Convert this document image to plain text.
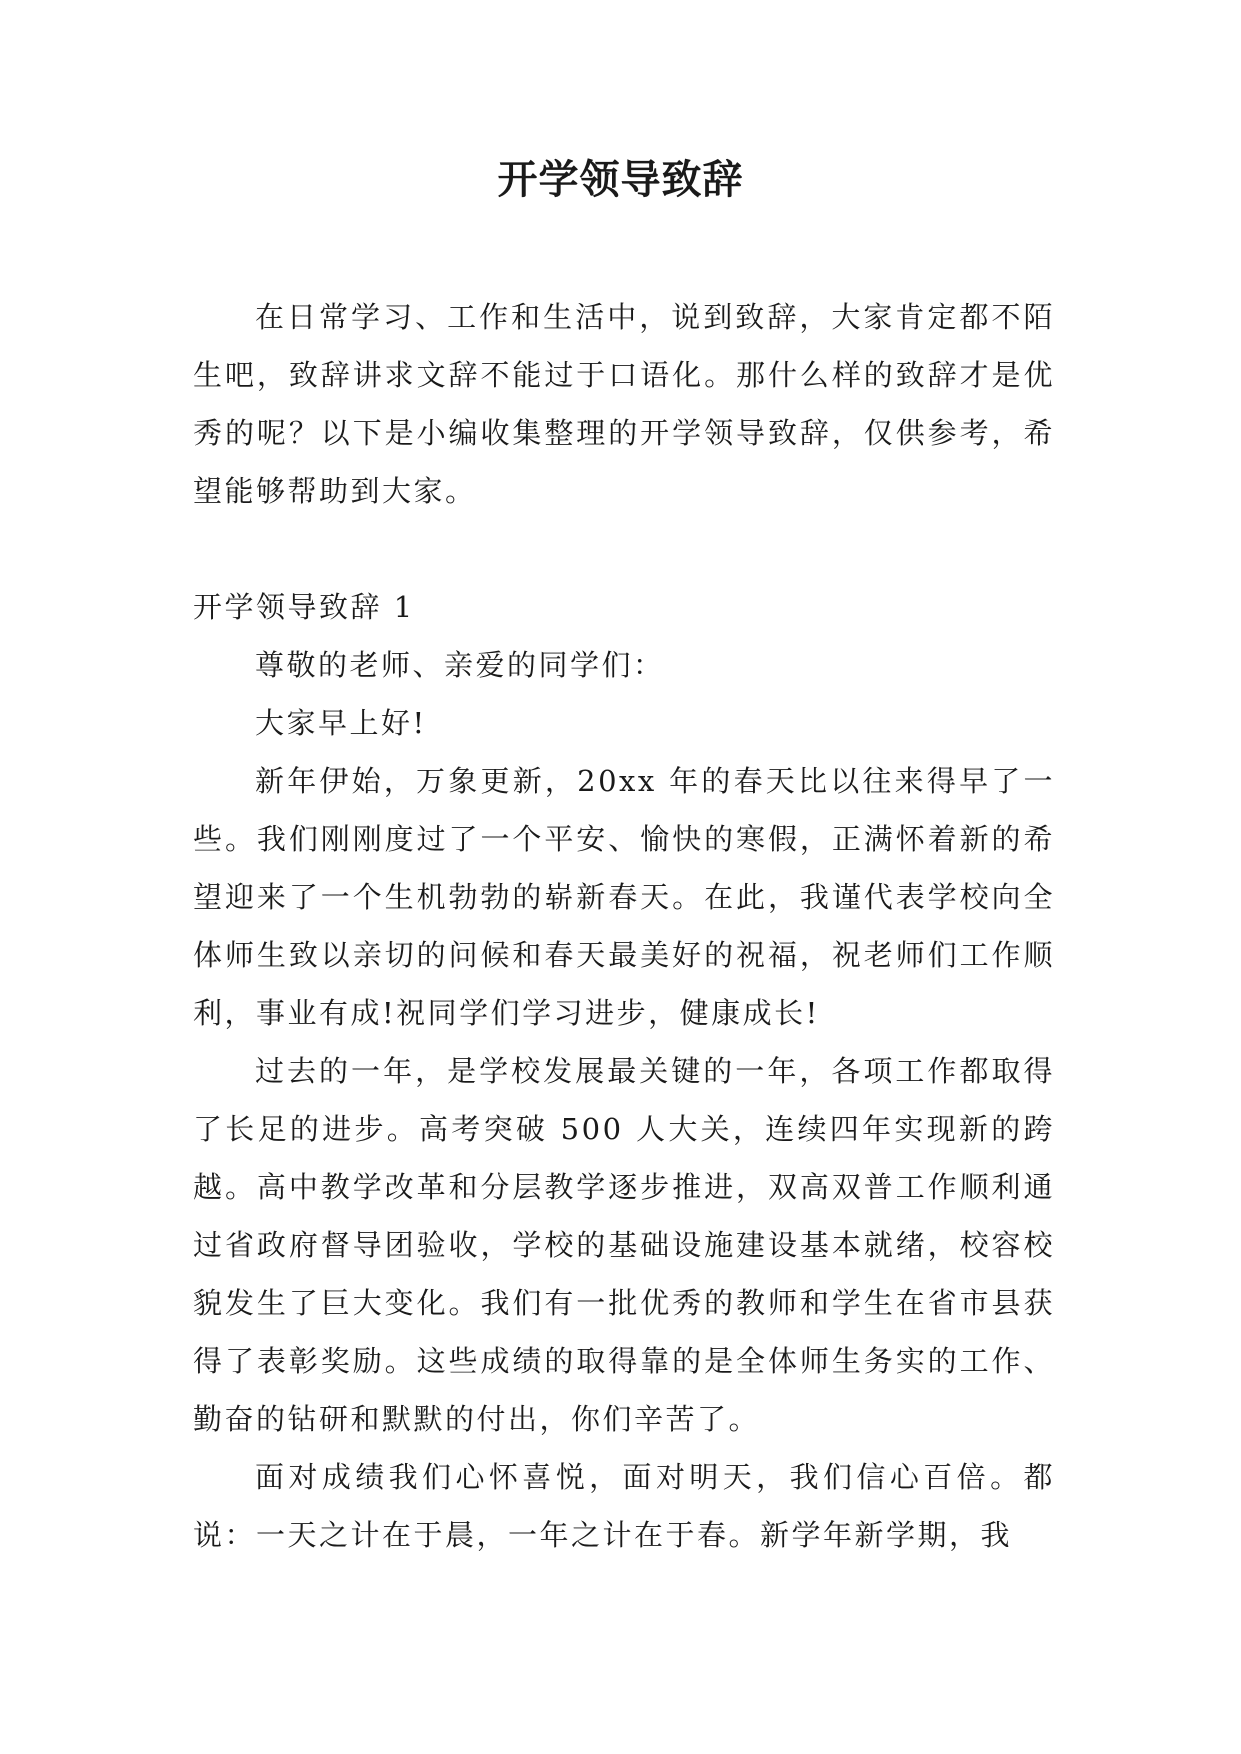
开学领导致辞

在日常学习、工作和生活中，说到致辞，大家肯定都不陌生吧，致辞讲求文辞不能过于口语化。那什么样的致辞才是优秀的呢？以下是小编收集整理的开学领导致辞，仅供参考，希望能够帮助到大家。

开学领导致辞 1

尊敬的老师、亲爱的同学们：

大家早上好!

新年伊始，万象更新，20xx 年的春天比以往来得早了一些。我们刚刚度过了一个平安、愉快的寒假，正满怀着新的希望迎来了一个生机勃勃的崭新春天。在此，我谨代表学校向全体师生致以亲切的问候和春天最美好的祝福，祝老师们工作顺利，事业有成!祝同学们学习进步，健康成长!

过去的一年，是学校发展最关键的一年，各项工作都取得了长足的进步。高考突破 500 人大关，连续四年实现新的跨越。高中教学改革和分层教学逐步推进，双高双普工作顺利通过省政府督导团验收，学校的基础设施建设基本就绪，校容校貌发生了巨大变化。我们有一批优秀的教师和学生在省市县获得了表彰奖励。这些成绩的取得靠的是全体师生务实的工作、勤奋的钻研和默默的付出，你们辛苦了。

面对成绩我们心怀喜悦，面对明天，我们信心百倍。都说：一天之计在于晨，一年之计在于春。新学年新学期，我
